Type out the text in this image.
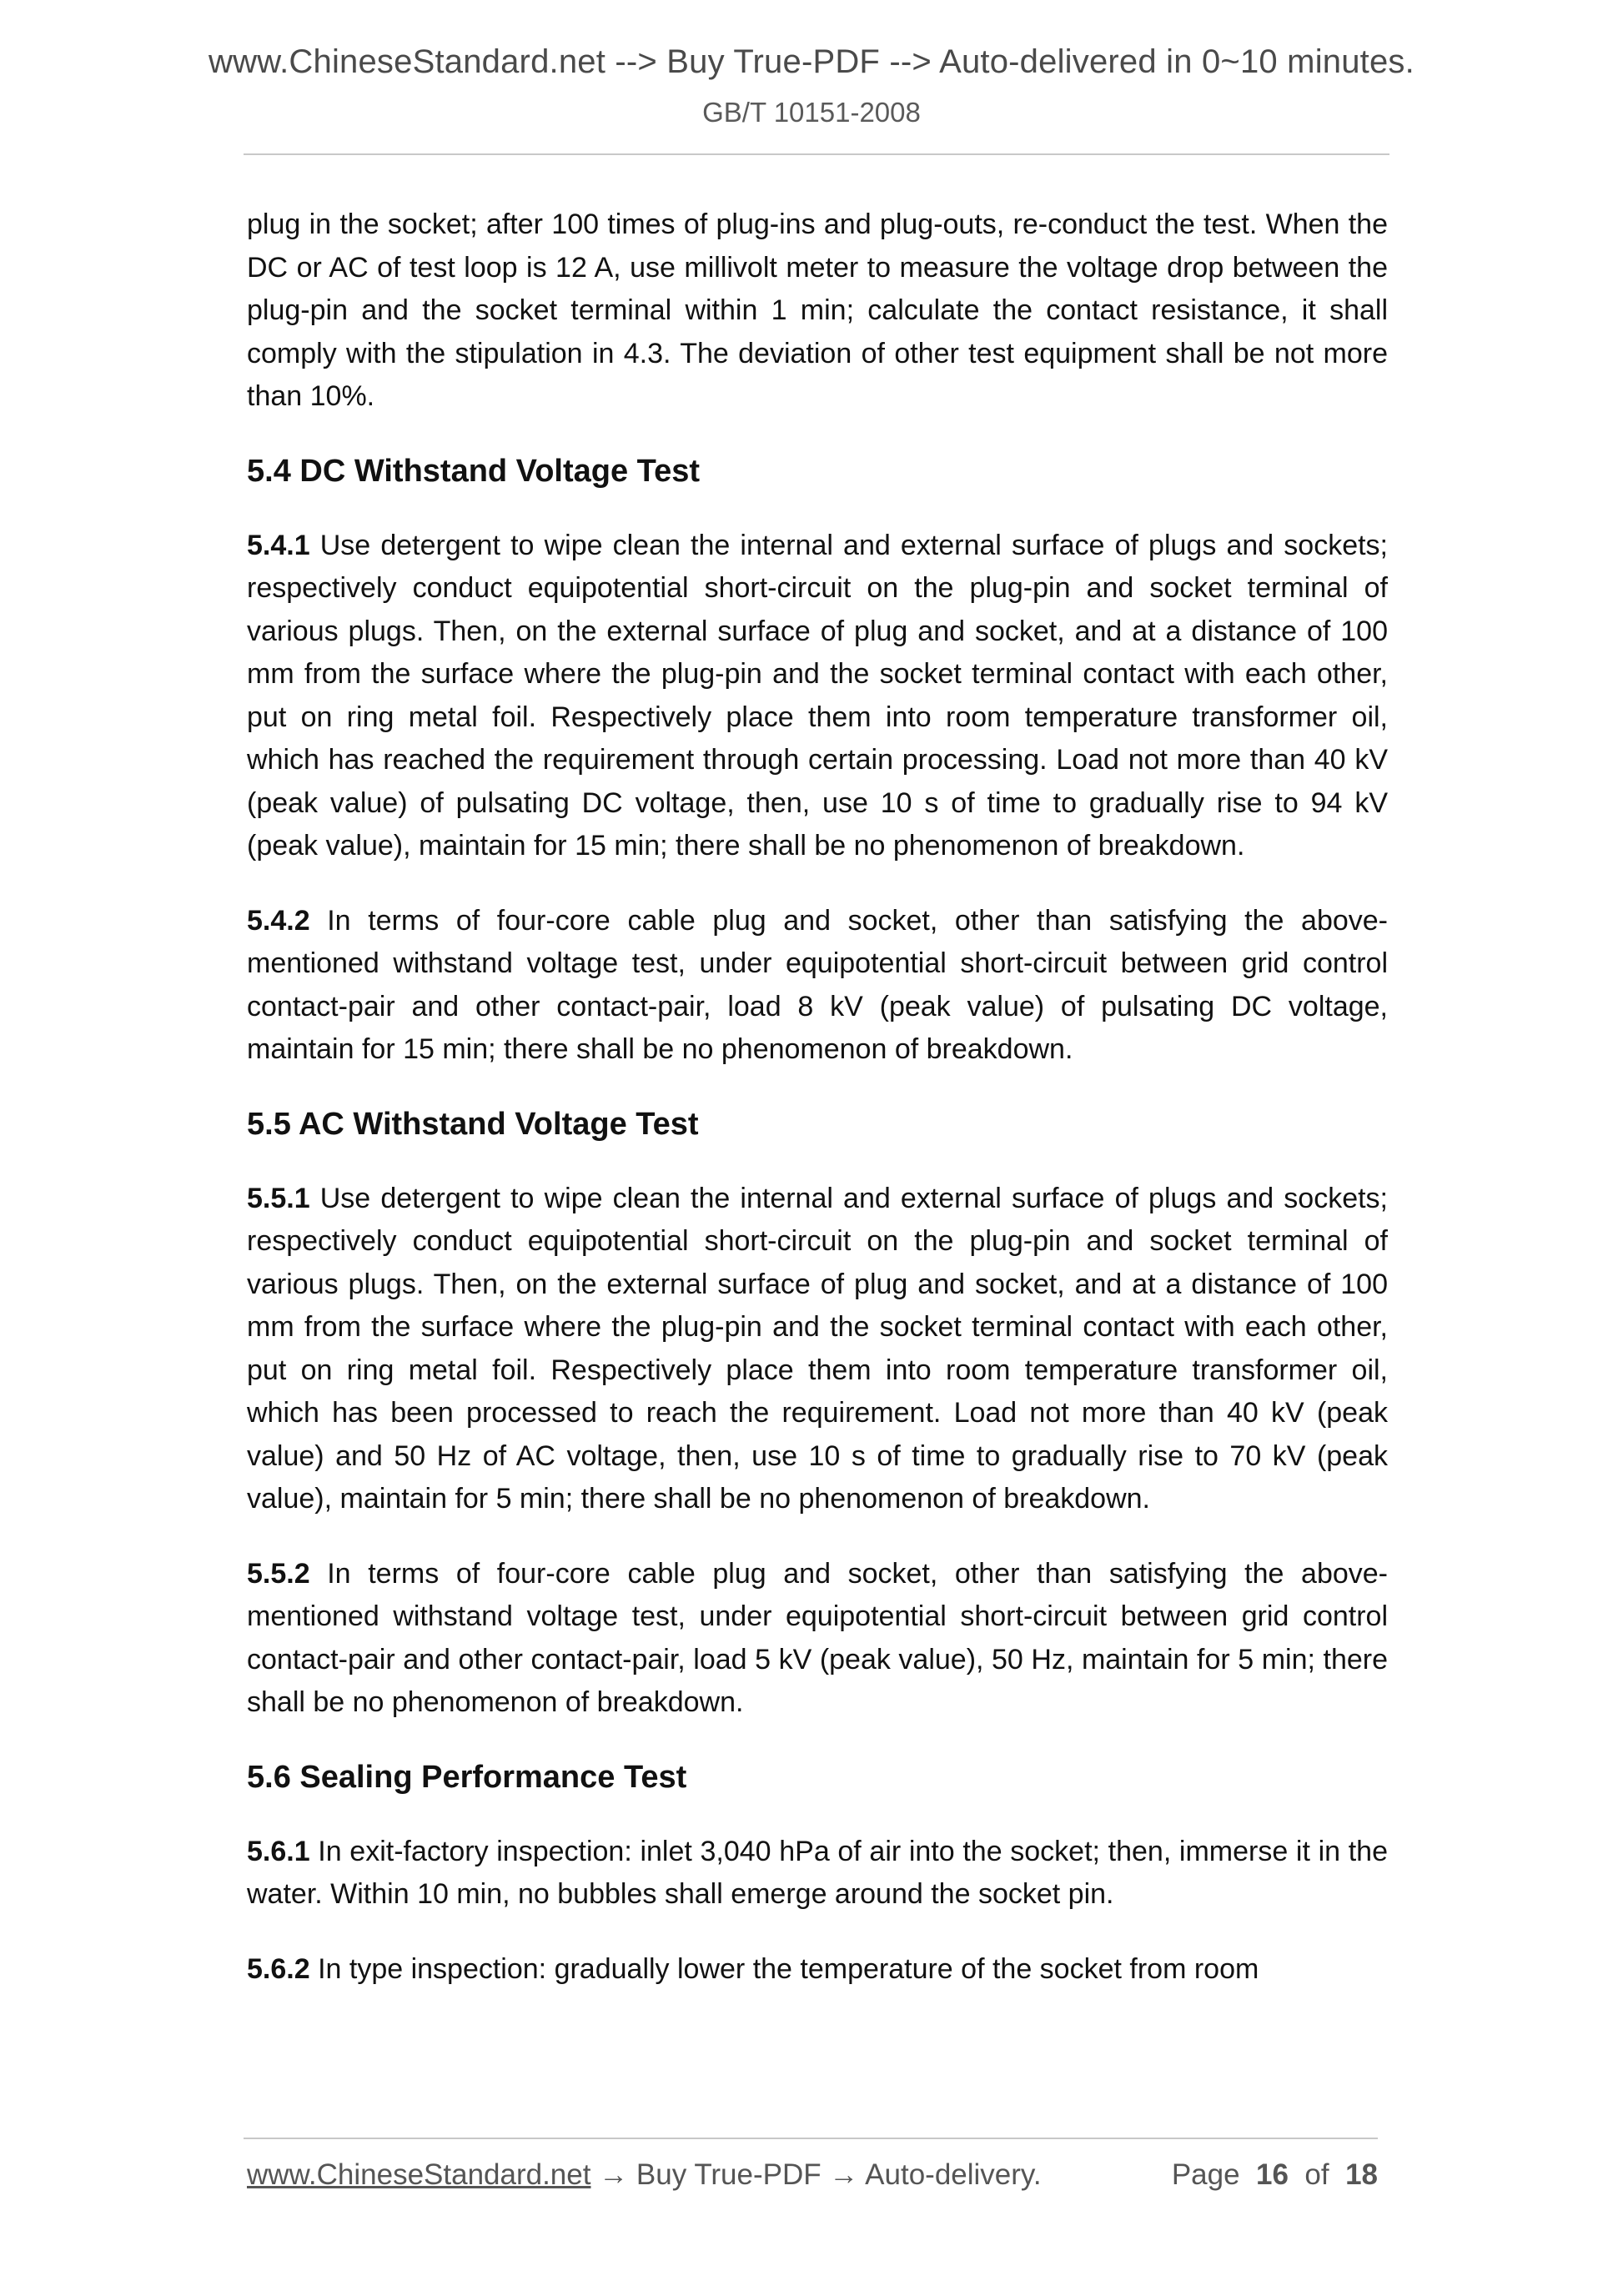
www.ChineseStandard.net --> Buy True-PDF --> Auto-delivered in 0~10 minutes.
GB/T 10151-2008

plug in the socket; after 100 times of plug-ins and plug-outs, re-conduct the test. When the DC or AC of test loop is 12 A, use millivolt meter to measure the voltage drop between the plug-pin and the socket terminal within 1 min; calculate the contact resistance, it shall comply with the stipulation in 4.3. The deviation of other test equipment shall be not more than 10%.

5.4 DC Withstand Voltage Test

5.4.1 Use detergent to wipe clean the internal and external surface of plugs and sockets; respectively conduct equipotential short-circuit on the plug-pin and socket terminal of various plugs. Then, on the external surface of plug and socket, and at a distance of 100 mm from the surface where the plug-pin and the socket terminal contact with each other, put on ring metal foil. Respectively place them into room temperature transformer oil, which has reached the requirement through certain processing. Load not more than 40 kV (peak value) of pulsating DC voltage, then, use 10 s of time to gradually rise to 94 kV (peak value), maintain for 15 min; there shall be no phenomenon of breakdown.

5.4.2 In terms of four-core cable plug and socket, other than satisfying the above-mentioned withstand voltage test, under equipotential short-circuit between grid control contact-pair and other contact-pair, load 8 kV (peak value) of pulsating DC voltage, maintain for 15 min; there shall be no phenomenon of breakdown.

5.5 AC Withstand Voltage Test

5.5.1 Use detergent to wipe clean the internal and external surface of plugs and sockets; respectively conduct equipotential short-circuit on the plug-pin and socket terminal of various plugs. Then, on the external surface of plug and socket, and at a distance of 100 mm from the surface where the plug-pin and the socket terminal contact with each other, put on ring metal foil. Respectively place them into room temperature transformer oil, which has been processed to reach the requirement. Load not more than 40 kV (peak value) and 50 Hz of AC voltage, then, use 10 s of time to gradually rise to 70 kV (peak value), maintain for 5 min; there shall be no phenomenon of breakdown.

5.5.2 In terms of four-core cable plug and socket, other than satisfying the above-mentioned withstand voltage test, under equipotential short-circuit between grid control contact-pair and other contact-pair, load 5 kV (peak value), 50 Hz, maintain for 5 min; there shall be no phenomenon of breakdown.

5.6 Sealing Performance Test

5.6.1 In exit-factory inspection: inlet 3,040 hPa of air into the socket; then, immerse it in the water. Within 10 min, no bubbles shall emerge around the socket pin.

5.6.2 In type inspection: gradually lower the temperature of the socket from room

www.ChineseStandard.net → Buy True-PDF → Auto-delivery.	Page 16 of 18
